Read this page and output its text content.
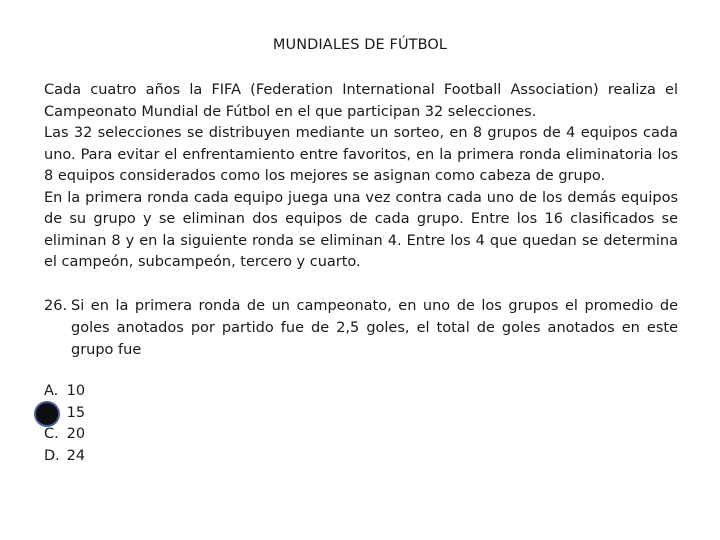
MUNDIALES DE FÚTBOL

Cada cuatro años la FIFA (Federation International Football Association) realiza el Campeonato Mundial de Fútbol en el que participan 32 selecciones.

Las 32 selecciones se distribuyen mediante un sorteo, en 8 grupos de 4 equipos cada uno. Para evitar el enfrentamiento entre favoritos, en la primera ronda eliminatoria los 8 equipos considerados como los mejores se asignan como cabeza de grupo.

En la primera ronda cada equipo juega una vez contra cada uno de los demás equipos de su grupo y se eliminan dos equipos de cada grupo. Entre los 16 clasificados se eliminan 8 y en la siguiente ronda se eliminan 4. Entre los 4 que quedan se determina el campeón, subcampeón, tercero y cuarto.

26. Si en la primera ronda de un campeonato, en uno de los grupos el promedio de goles anotados por partido fue de 2,5 goles, el total de goles anotados en este grupo fue
A. 10
15
C. 20
D. 24
